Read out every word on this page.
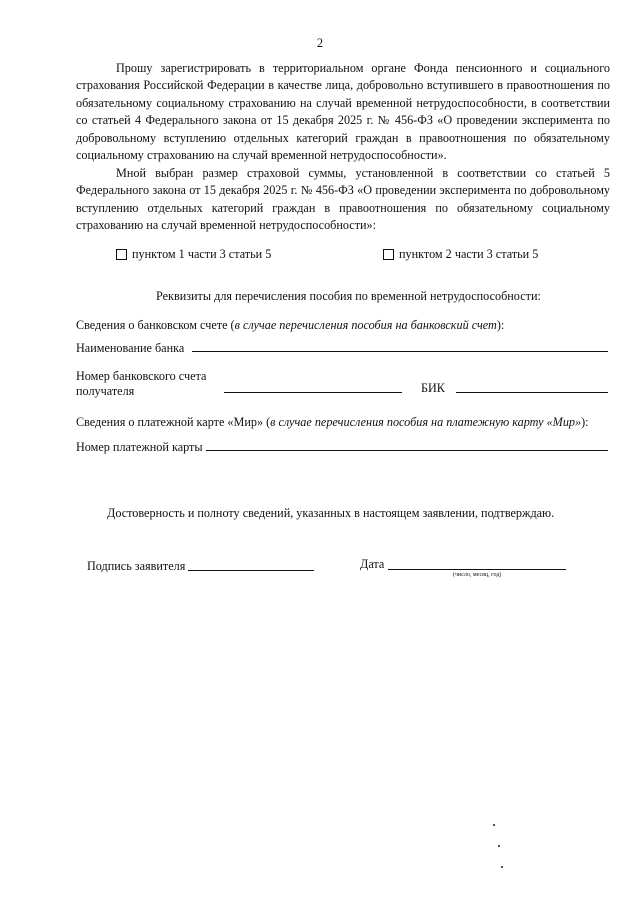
2
Прошу зарегистрировать в территориальном органе Фонда пенсионного и социального страхования Российской Федерации в качестве лица, добровольно вступившего в правоотношения по обязательному социальному страхованию на случай временной нетрудоспособности, в соответствии со статьей 4 Федерального закона от 15 декабря 2025 г. № 456-ФЗ «О проведении эксперимента по добровольному вступлению отдельных категорий граждан в правоотношения по обязательному социальному страхованию на случай временной нетрудоспособности».
Мной выбран размер страховой суммы, установленной в соответствии со статьей 5 Федерального закона от 15 декабря 2025 г. № 456-ФЗ «О проведении эксперимента по добровольному вступлению отдельных категорий граждан в правоотношения по обязательному социальному страхованию на случай временной нетрудоспособности»:
пунктом 1 части 3 статьи 5	пунктом 2 части 3 статьи 5
Реквизиты для перечисления пособия по временной нетрудоспособности:
Сведения о банковском счете (в случае перечисления пособия на банковский счет):
Наименование банка
Номер банковского счета
получателя	БИК
Сведения о платежной карте «Мир» (в случае перечисления пособия на платежную карту «Мир»):
Номер платежной карты
Достоверность и полноту сведений, указанных в настоящем заявлении, подтверждаю.
Подпись заявителя	Дата
(число, месяц, год)
